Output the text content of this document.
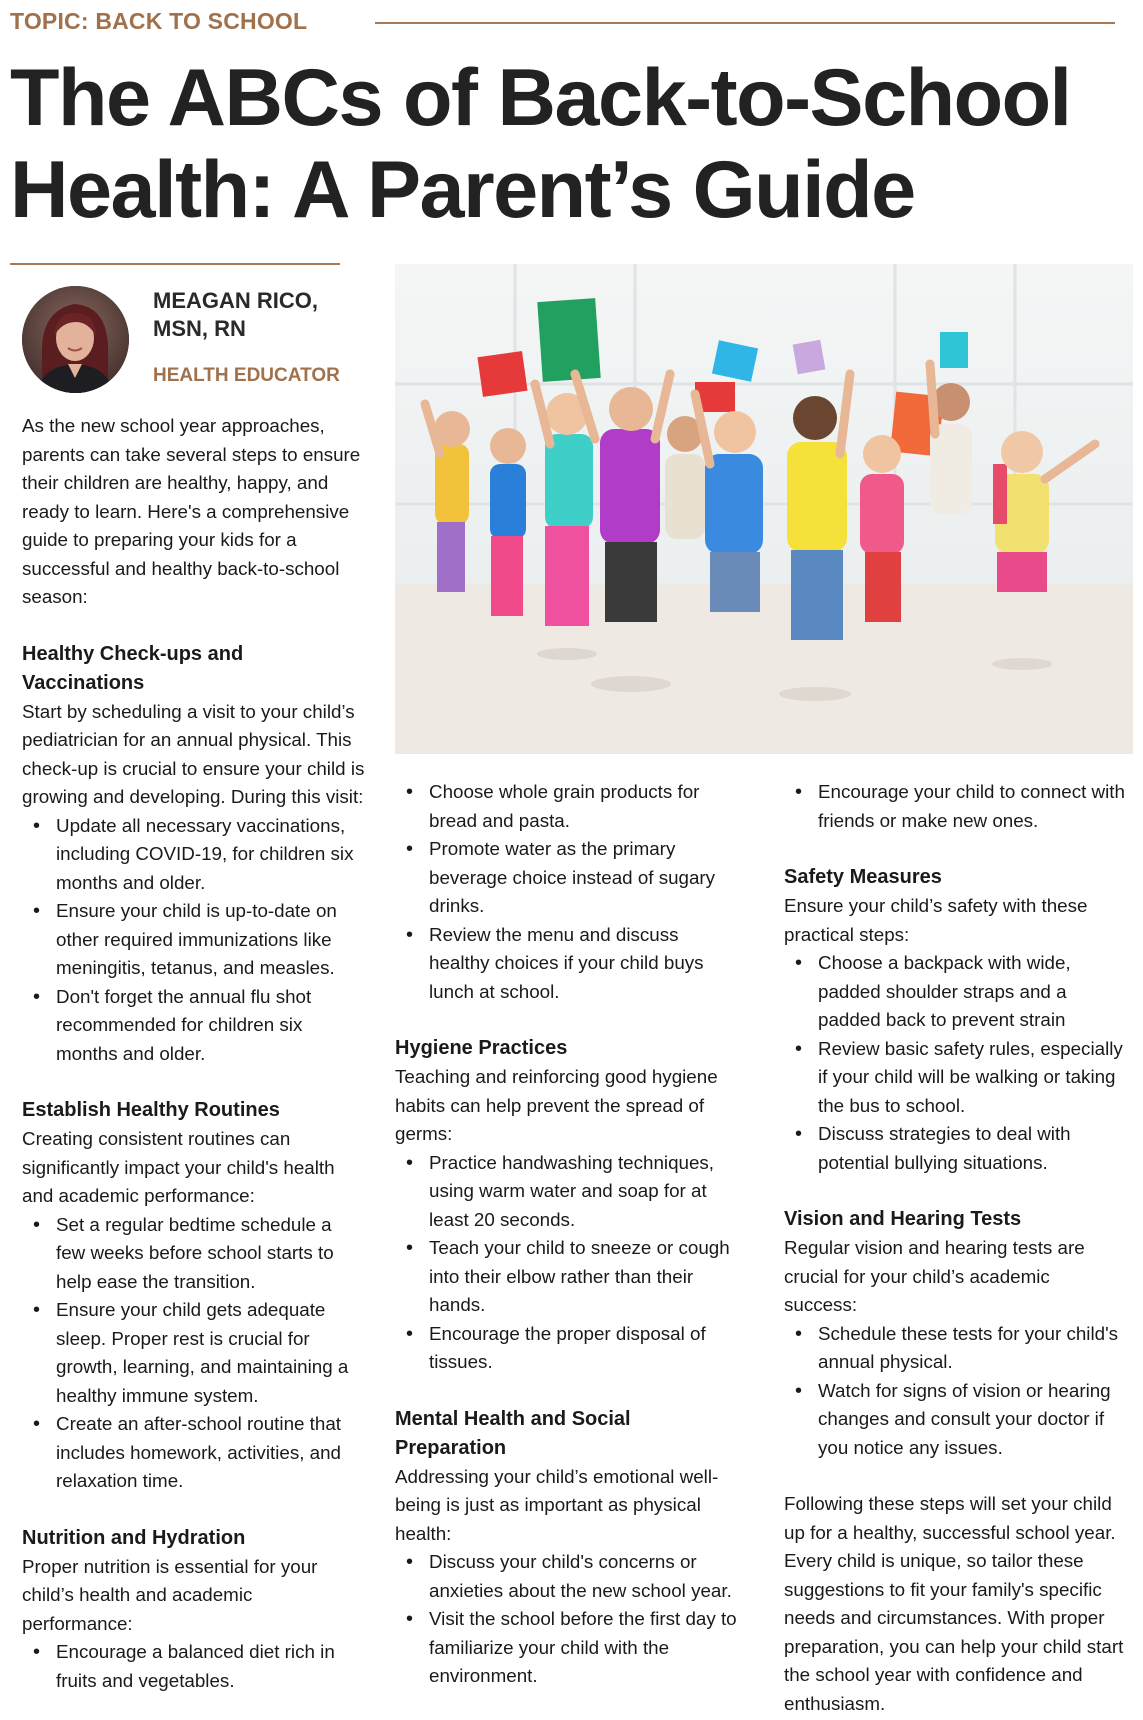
TOPIC: BACK TO SCHOOL
The ABCs of Back-to-School
Health: A Parent’s Guide
MEAGAN RICO,
MSN, RN
HEALTH EDUCATOR

As the new school year approaches,
parents can take several steps to ensure
their children are healthy, happy, and
ready to learn. Here's a comprehensive
guide to preparing your kids for a
successful and healthy back-to-school
season:

Healthy Check-ups and
Vaccinations

Start by scheduling a visit to your child’s
pediatrician for an annual physical. This
check-up is crucial to ensure your child is
growing and developing. During this visit:

• Update all necessary vaccinations,
including COVID-19, for children six
months and older.
• Ensure your child is up-to-date on
other required immunizations like
meningitis, tetanus, and measles.
• Don't forget the annual flu shot
recommended for children six
months and older.
Establish Healthy Routines

Creating consistent routines can
significantly impact your child's health
and academic performance:

• Set a regular bedtime schedule a
few weeks before school starts to
help ease the transition.
• Ensure your child gets adequate
sleep. Proper rest is crucial for
growth, learning, and maintaining a
healthy immune system.
• Create an after-school routine that
includes homework, activities, and
relaxation time.
Nutrition and Hydration

Proper nutrition is essential for your
child’s health and academic
performance:

• Encourage a balanced diet rich in
fruits and vegetables.
• Choose whole grain products for
bread and pasta.
• Promote water as the primary
beverage choice instead of sugary
drinks.
• Review the menu and discuss
healthy choices if your child buys
lunch at school.
Hygiene Practices

Teaching and reinforcing good hygiene
habits can help prevent the spread of
germs:

• Practice handwashing techniques,
using warm water and soap for at
least 20 seconds.
• Teach your child to sneeze or cough
into their elbow rather than their
hands.
• Encourage the proper disposal of
tissues.
Mental Health and Social
Preparation

Addressing your child’s emotional well-
being is just as important as physical
health:

• Discuss your child's concerns or
anxieties about the new school year.
• Visit the school before the first day to
familiarize your child with the
environment.
• Encourage your child to connect with
friends or make new ones.
Safety Measures

Ensure your child’s safety with these
practical steps:

• Choose a backpack with wide,
padded shoulder straps and a
padded back to prevent strain
• Review basic safety rules, especially
if your child will be walking or taking
the bus to school.
• Discuss strategies to deal with
potential bullying situations.
Vision and Hearing Tests

Regular vision and hearing tests are
crucial for your child’s academic
success:

• Schedule these tests for your child's
annual physical.
• Watch for signs of vision or hearing
changes and consult your doctor if
you notice any issues.

Following these steps will set your child
up for a healthy, successful school year.
Every child is unique, so tailor these
suggestions to fit your family's specific
needs and circumstances. With proper
preparation, you can help your child start
the school year with confidence and
enthusiasm.
